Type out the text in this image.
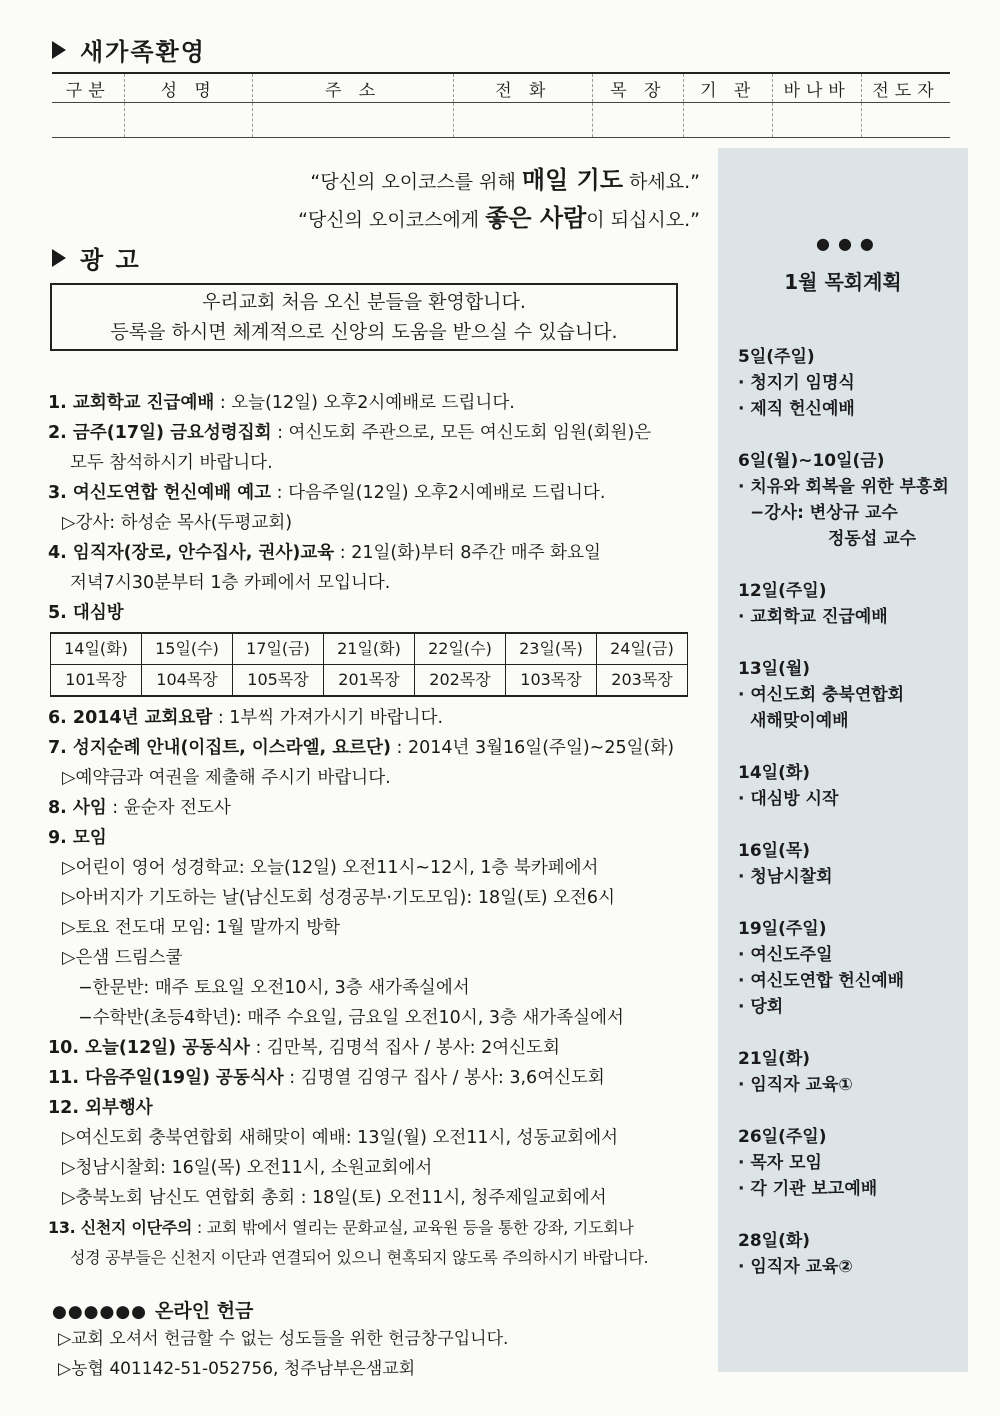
새가족환영
구분	성 명	주 소	전 화	목 장	기 관	바나바	전도자

“당신의 오이코스를 위해 매일 기도 하세요.”
“당신의 오이코스에게 좋은 사람이 되십시오.”
광 고
우리교회 처음 오신 분들을 환영합니다.
등록을 하시면 체계적으로 신앙의 도움을 받으실 수 있습니다.
1. 교회학교 진급예배 : 오늘(12일) 오후2시예배로 드립니다.
2. 금주(17일) 금요성령집회 : 여신도회 주관으로, 모든 여신도회 임원(회원)은
모두 참석하시기 바랍니다.
3. 여신도연합 헌신예배 예고 : 다음주일(12일) 오후2시예배로 드립니다.
▷강사: 하성순 목사(두평교회)
4. 임직자(장로, 안수집사, 권사)교육 : 21일(화)부터 8주간 매주 화요일
저녁7시30분부터 1층 카페에서 모입니다.
5. 대심방
14일(화)	15일(수)	17일(금)	21일(화)	22일(수)	23일(목)	24일(금)
101목장	104목장	105목장	201목장	202목장	103목장	203목장
6. 2014년 교회요람 : 1부씩 가져가시기 바랍니다.
7. 성지순례 안내(이집트, 이스라엘, 요르단) : 2014년 3월16일(주일)~25일(화)
▷예약금과 여권을 제출해 주시기 바랍니다.
8. 사임 : 윤순자 전도사
9. 모임
▷어린이 영어 성경학교: 오늘(12일) 오전11시~12시, 1층 북카페에서
▷아버지가 기도하는 날(남신도회 성경공부·기도모임): 18일(토) 오전6시
▷토요 전도대 모임: 1월 말까지 방학
▷은샘 드림스쿨
−한문반: 매주 토요일 오전10시, 3층 새가족실에서
−수학반(초등4학년): 매주 수요일, 금요일 오전10시, 3층 새가족실에서
10. 오늘(12일) 공동식사 : 김만복, 김명석 집사 / 봉사: 2여신도회
11. 다음주일(19일) 공동식사 : 김명열 김영구 집사 / 봉사: 3,6여신도회
12. 외부행사
▷여신도회 충북연합회 새해맞이 예배: 13일(월) 오전11시, 성동교회에서
▷청남시찰회: 16일(목) 오전11시, 소원교회에서
▷충북노회 남신도 연합회 총회 : 18일(토) 오전11시, 청주제일교회에서
13. 신천지 이단주의 : 교회 밖에서 열리는 문화교실, 교육원 등을 통한 강좌, 기도회나
성경 공부들은 신천지 이단과 연결되어 있으니 현혹되지 않도록 주의하시기 바랍니다.
●●●●●● 온라인 헌금
▷교회 오셔서 헌금할 수 없는 성도들을 위한 헌금창구입니다.
▷농협 401142-51-052756, 청주남부은샘교회
●●●
1월 목회계획
5일(주일)
· 청지기 임명식
· 제직 헌신예배
6일(월)~10일(금)
· 치유와 회복을 위한 부흥회
−강사: 변상규 교수
정동섭 교수
12일(주일)
· 교회학교 진급예배
13일(월)
· 여신도회 충북연합회
새해맞이예배
14일(화)
· 대심방 시작
16일(목)
· 청남시찰회
19일(주일)
· 여신도주일
· 여신도연합 헌신예배
· 당회
21일(화)
· 임직자 교육①
26일(주일)
· 목자 모임
· 각 기관 보고예배
28일(화)
· 임직자 교육②
